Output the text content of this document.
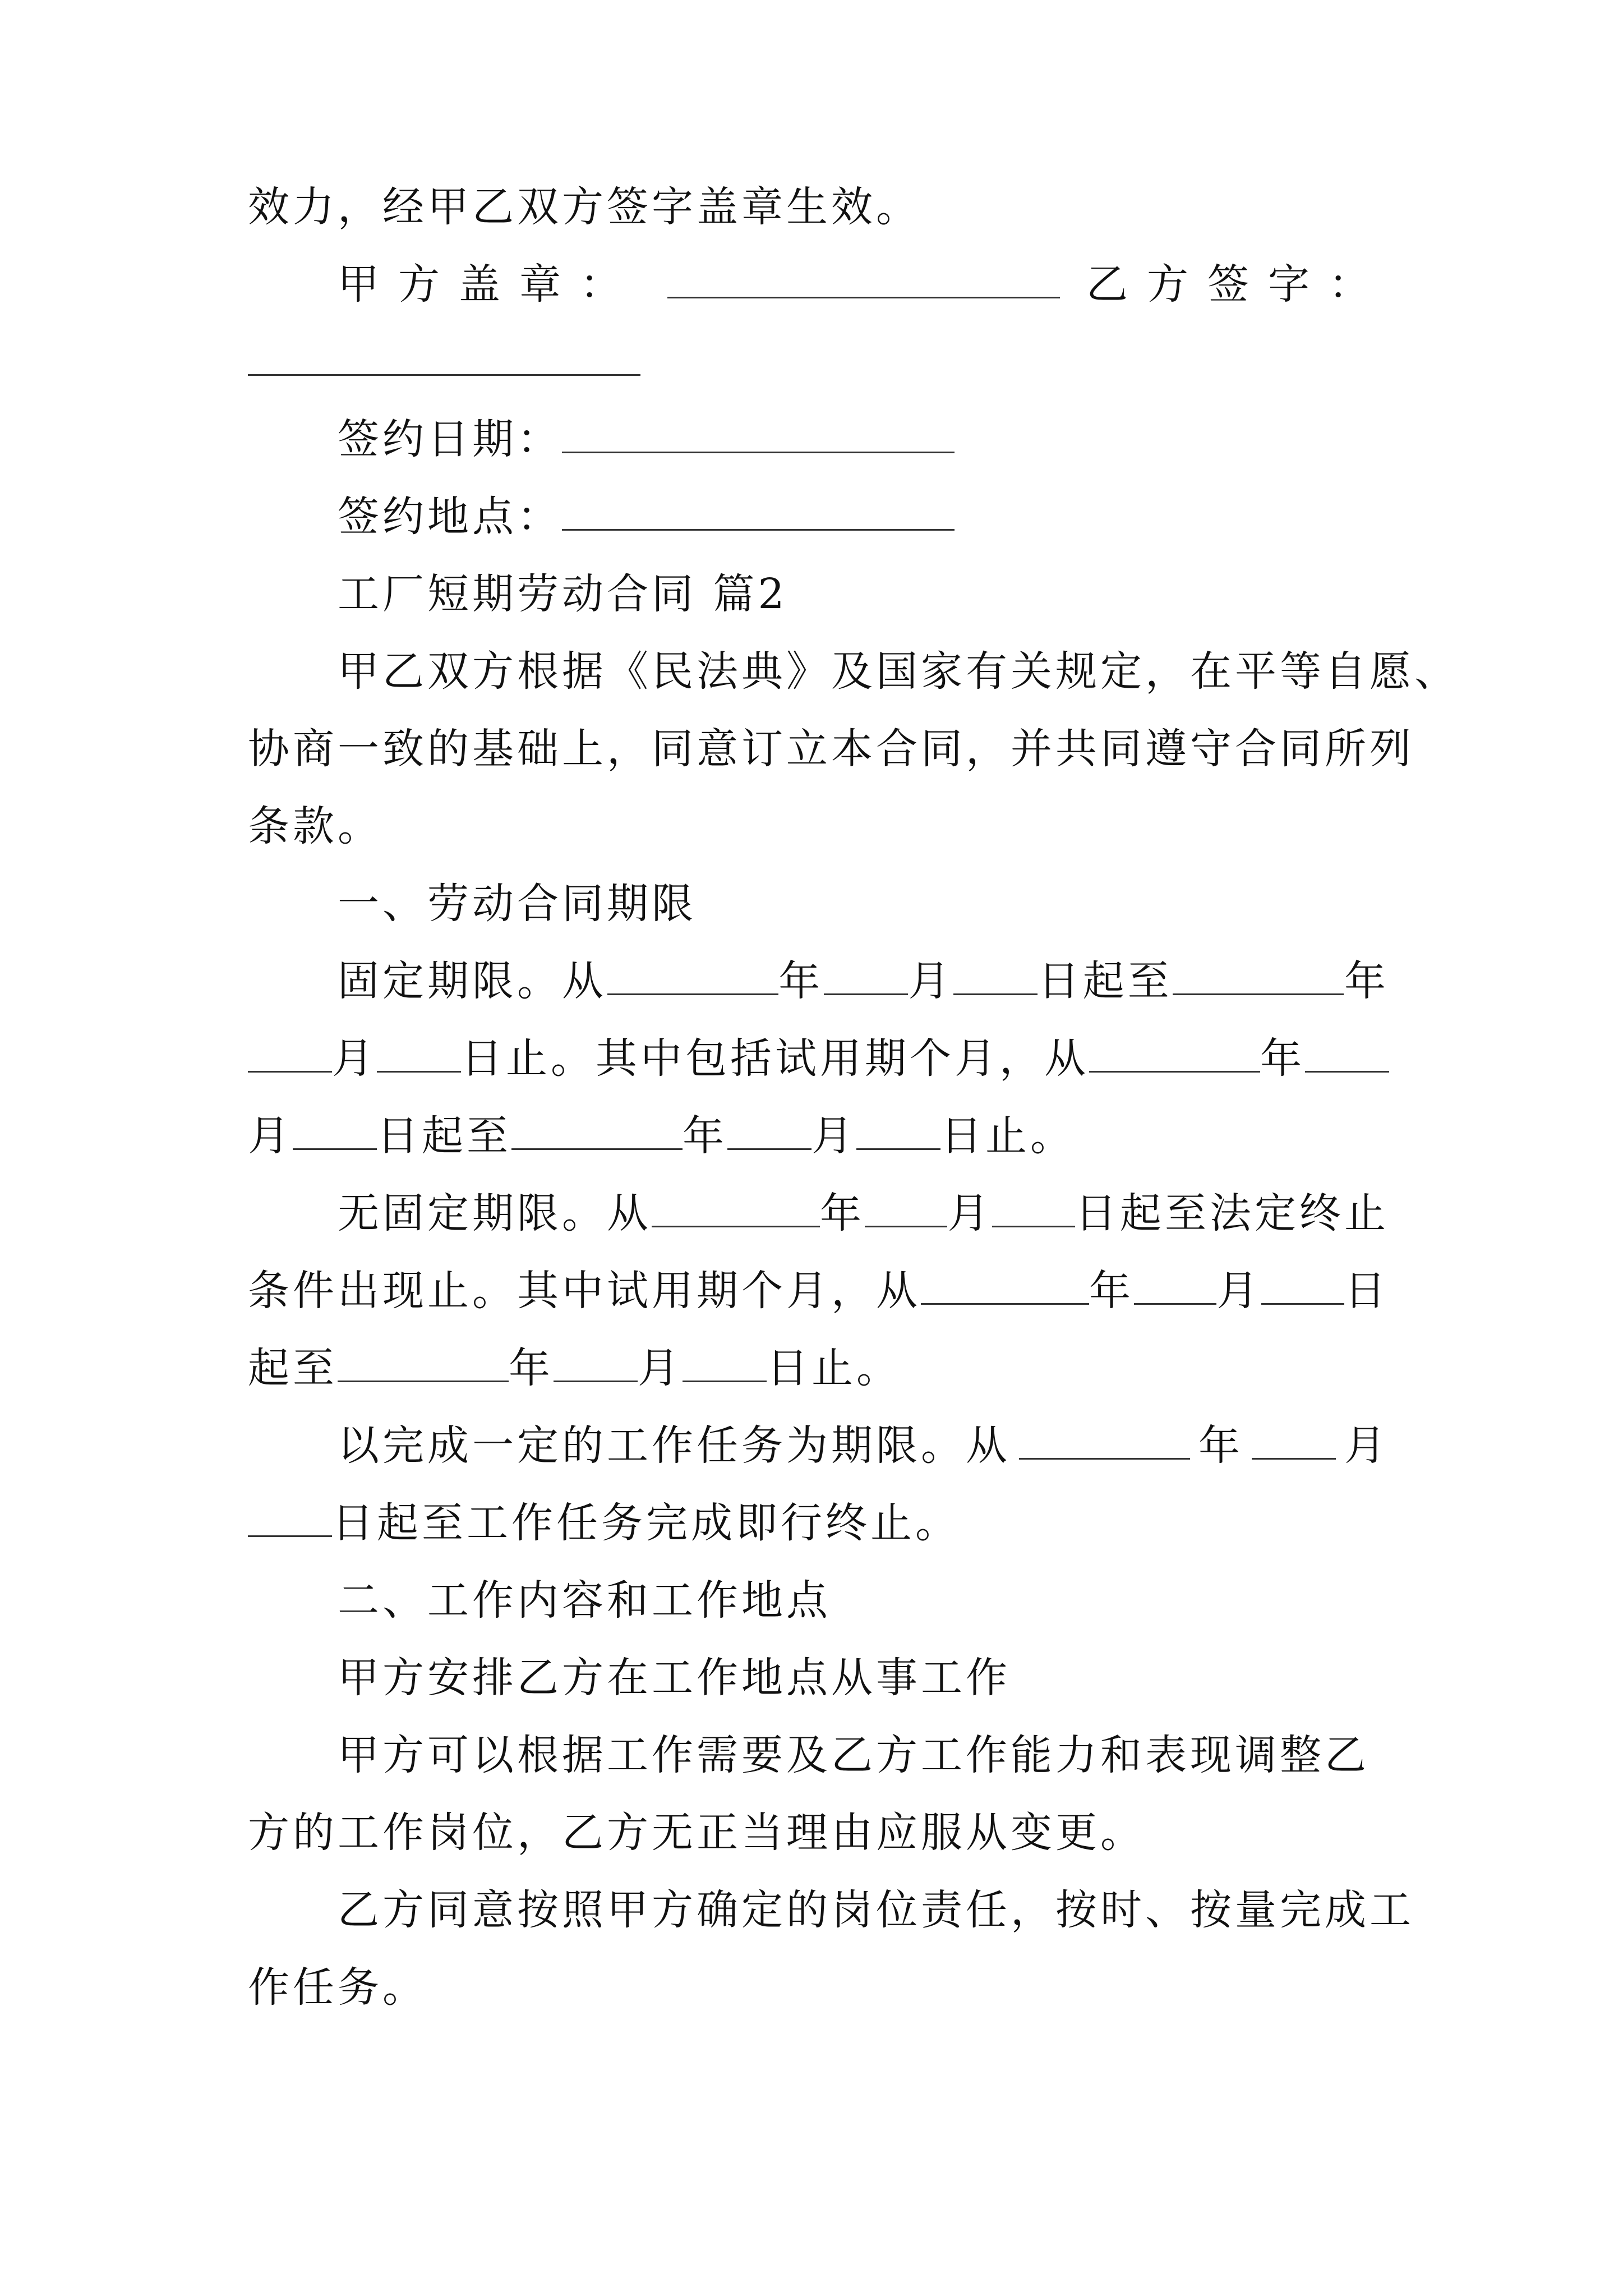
效力，经甲乙双方签字盖章生效。
甲方盖章：	乙方签字：
签约日期：
签约地点：
工厂短期劳动合同 篇2
甲乙双方根据《民法典》及国家有关规定，在平等自愿、
协商一致的基础上，同意订立本合同，并共同遵守合同所列
条款。
一、劳动合同期限
固定期限。从	年 月 日起至	年
月 日止。其中包括试用期个月，从	年
月 日起至	年 月 日止。
无固定期限。从	年 月 日起至法定终止
条件出现止。其中试用期个月，从	年 月 日
起至	年 月 日止。
以完成一定的工作任务为期限。从	年 月
日起至工作任务完成即行终止。
二、工作内容和工作地点
甲方安排乙方在工作地点从事工作
甲方可以根据工作需要及乙方工作能力和表现调整乙
方的工作岗位，乙方无正当理由应服从变更。
乙方同意按照甲方确定的岗位责任，按时、按量完成工
作任务。
